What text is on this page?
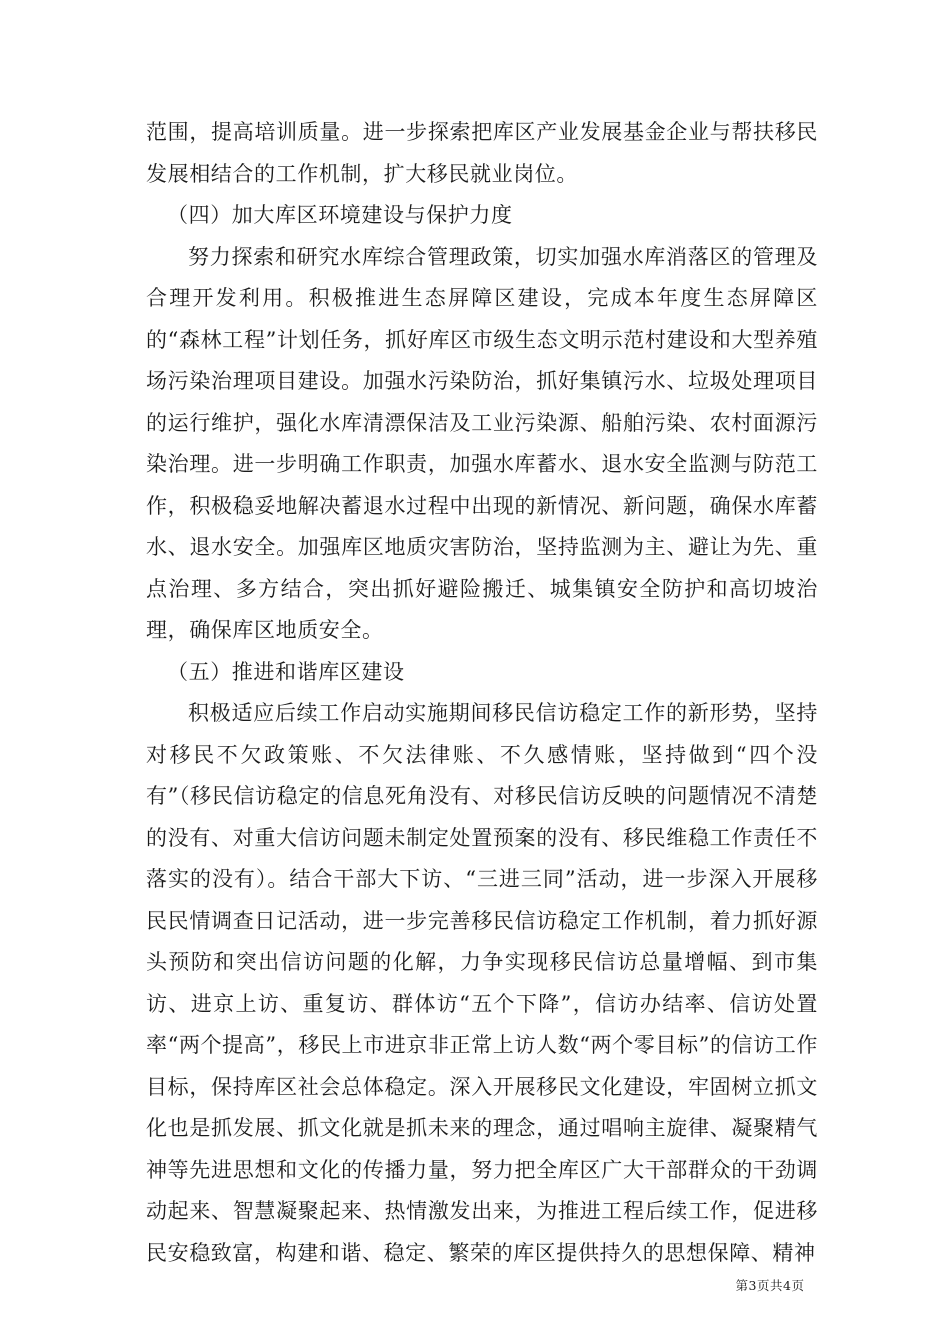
范围，提高培训质量。进一步探索把库区产业发展基金企业与帮扶移民发展相结合的工作机制，扩大移民就业岗位。

（四）加大库区环境建设与保护力度

努力探索和研究水库综合管理政策，切实加强水库消落区的管理及合理开发利用。积极推进生态屏障区建设，完成本年度生态屏障区的“森林工程”计划任务，抓好库区市级生态文明示范村建设和大型养殖场污染治理项目建设。加强水污染防治，抓好集镇污水、垃圾处理项目的运行维护，强化水库清漂保洁及工业污染源、船舶污染、农村面源污染治理。进一步明确工作职责，加强水库蓄水、退水安全监测与防范工作，积极稳妥地解决蓄退水过程中出现的新情况、新问题，确保水库蓄水、退水安全。加强库区地质灾害防治，坚持监测为主、避让为先、重点治理、多方结合，突出抓好避险搬迁、城集镇安全防护和高切坡治理，确保库区地质安全。

（五）推进和谐库区建设

积极适应后续工作启动实施期间移民信访稳定工作的新形势，坚持对移民不欠政策账、不欠法律账、不久感情账，坚持做到“四个没有”（移民信访稳定的信息死角没有、对移民信访反映的问题情况不清楚的没有、对重大信访问题未制定处置预案的没有、移民维稳工作责任不落实的没有）。结合干部大下访、“三进三同”活动，进一步深入开展移民民情调查日记活动，进一步完善移民信访稳定工作机制，着力抓好源头预防和突出信访问题的化解，力争实现移民信访总量增幅、到市集访、进京上访、重复访、群体访“五个下降”，信访办结率、信访处置率“两个提高”，移民上市进京非正常上访人数“两个零目标”的信访工作目标，保持库区社会总体稳定。深入开展移民文化建设，牢固树立抓文化也是抓发展、抓文化就是抓未来的理念，通过唱响主旋律、凝聚精气神等先进思想和文化的传播力量，努力把全库区广大干部群众的干劲调动起来、智慧凝聚起来、热情激发出来，为推进工程后续工作，促进移民安稳致富，构建和谐、稳定、繁荣的库区提供持久的思想保障、精神

第3页共4页
